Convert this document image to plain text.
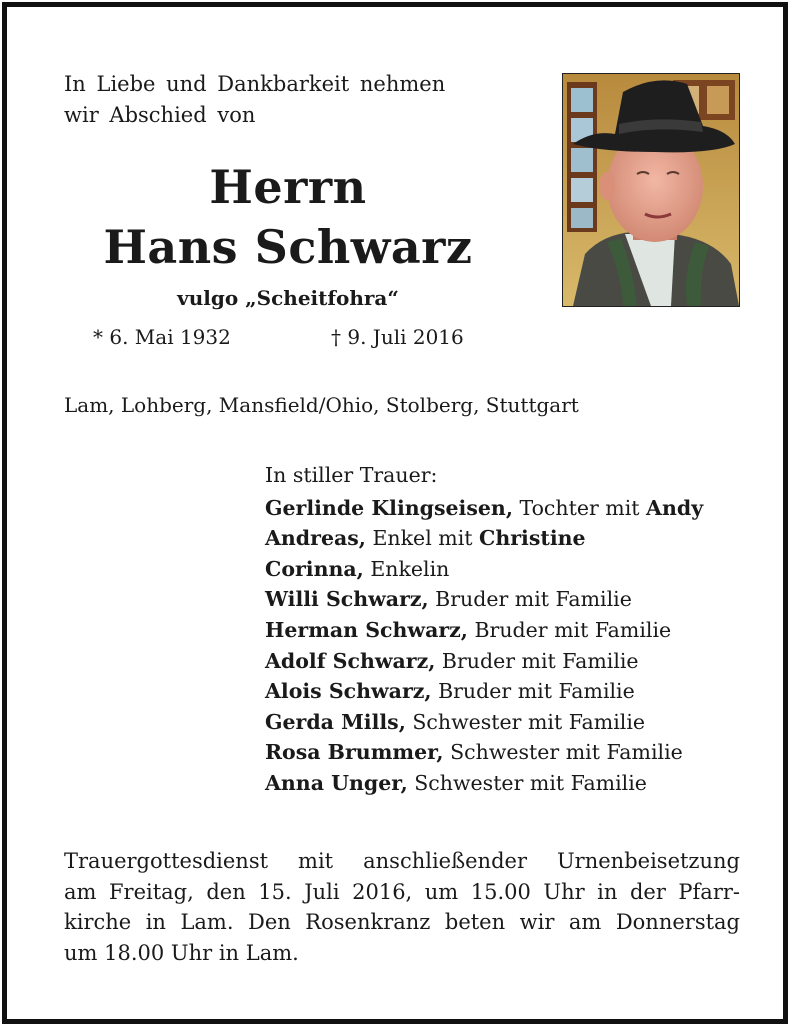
In Liebe und Dankbarkeit nehmen
wir Abschied von
Herrn
Hans Schwarz
vulgo „Scheitfohra“
* 6. Mai 1932	† 9. Juli 2016
Lam, Lohberg, Mansfield/Ohio, Stolberg, Stuttgart
In stiller Trauer:
Gerlinde Klingseisen, Tochter mit Andy
Andreas, Enkel mit Christine
Corinna, Enkelin
Willi Schwarz, Bruder mit Familie
Herman Schwarz, Bruder mit Familie
Adolf Schwarz, Bruder mit Familie
Alois Schwarz, Bruder mit Familie
Gerda Mills, Schwester mit Familie
Rosa Brummer, Schwester mit Familie
Anna Unger, Schwester mit Familie
Trauergottesdienst mit anschließender Urnenbeisetzung
am Freitag, den 15. Juli 2016, um 15.00 Uhr in der Pfarr-
kirche in Lam. Den Rosenkranz beten wir am Donnerstag
um 18.00 Uhr in Lam.
